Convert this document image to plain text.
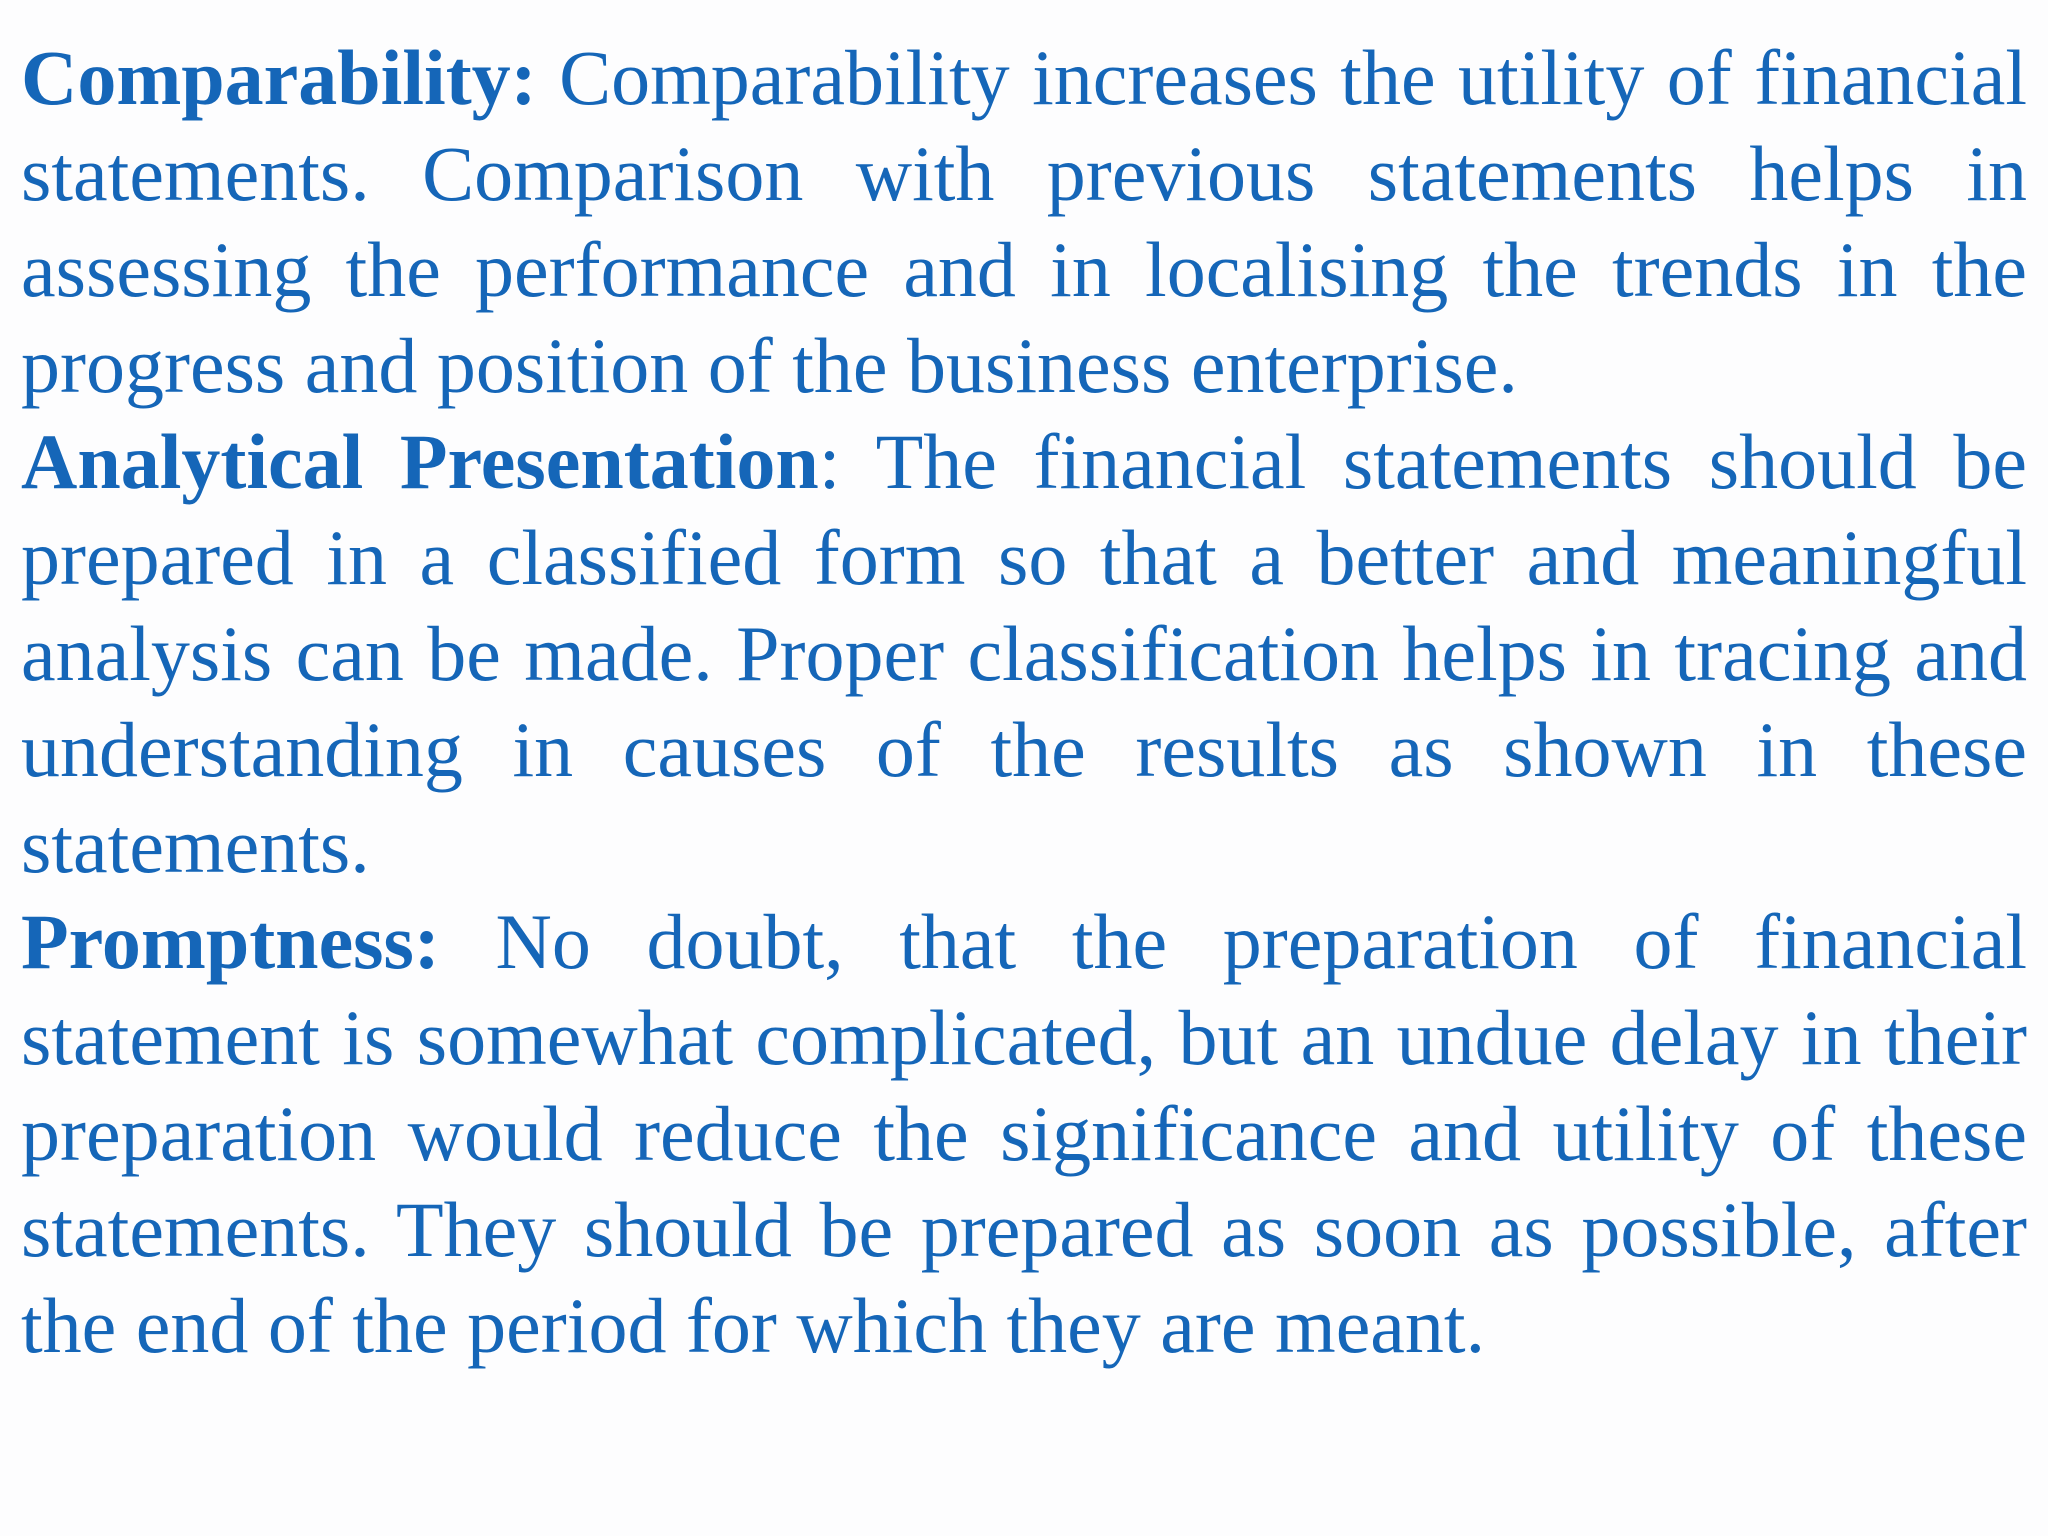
Comparability: Comparability increases the utility of financial statements. Comparison with previous statements helps in assessing the performance and in localising the trends in the progress and position of the business enterprise.

Analytical Presentation: The financial statements should be prepared in a classified form so that a better and meaningful analysis can be made. Proper classification helps in tracing and understanding in causes of the results as shown in these statements.

Promptness: No doubt, that the preparation of financial statement is somewhat complicated, but an undue delay in their preparation would reduce the significance and utility of these statements. They should be prepared as soon as possible, after the end of the period for which they are meant.
